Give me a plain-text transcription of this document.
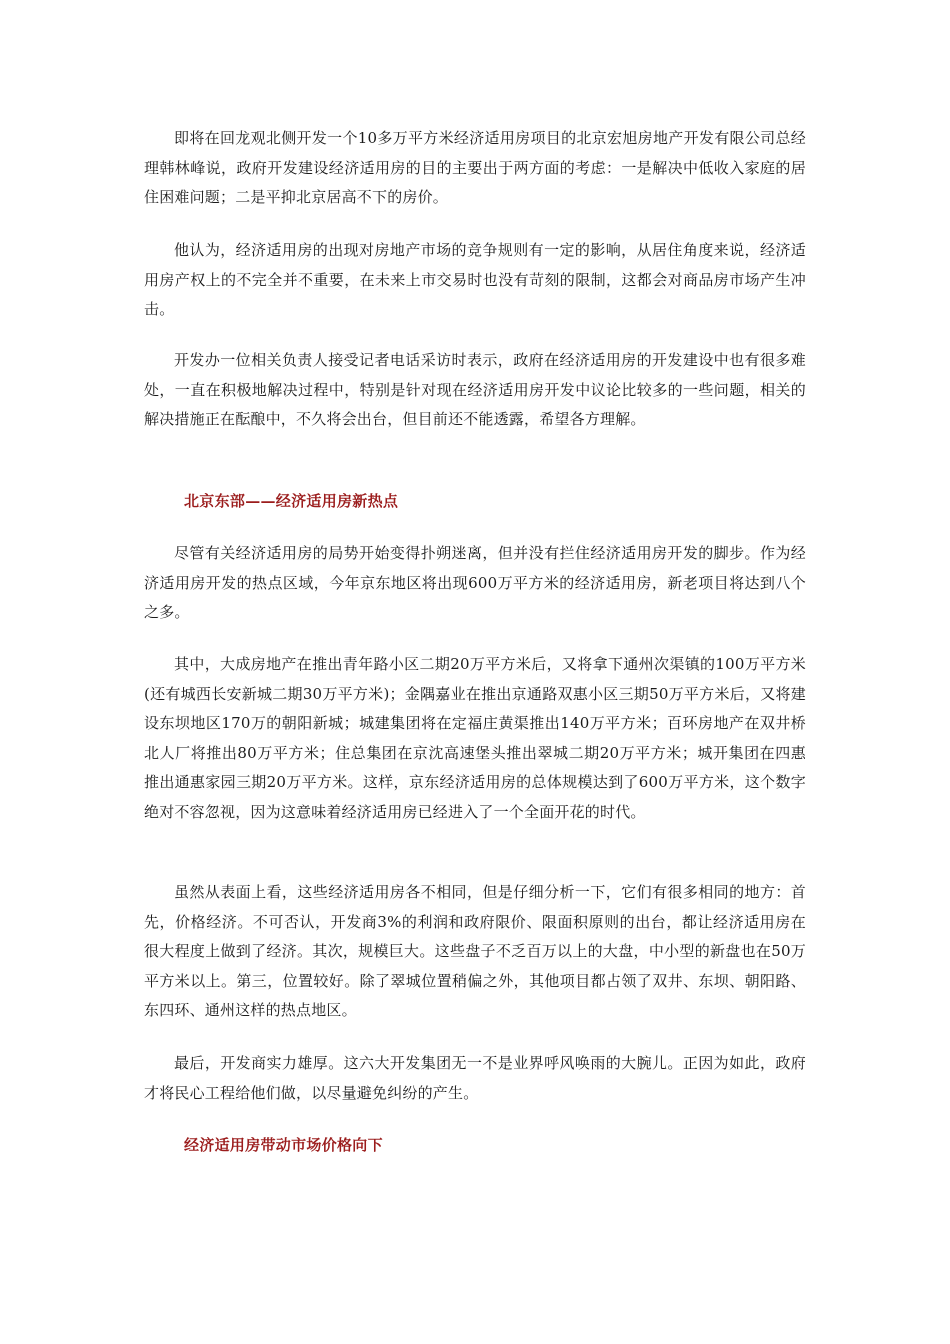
即将在回龙观北侧开发一个10多万平方米经济适用房项目的北京宏旭房地产开发有限公司总经理韩林峰说，政府开发建设经济适用房的目的主要出于两方面的考虑：一是解决中低收入家庭的居住困难问题；二是平抑北京居高不下的房价。

他认为，经济适用房的出现对房地产市场的竞争规则有一定的影响，从居住角度来说，经济适用房产权上的不完全并不重要，在未来上市交易时也没有苛刻的限制，这都会对商品房市场产生冲击。

开发办一位相关负责人接受记者电话采访时表示，政府在经济适用房的开发建设中也有很多难处，一直在积极地解决过程中，特别是针对现在经济适用房开发中议论比较多的一些问题，相关的解决措施正在酝酿中，不久将会出台，但目前还不能透露，希望各方理解。

北京东部——经济适用房新热点

尽管有关经济适用房的局势开始变得扑朔迷离，但并没有拦住经济适用房开发的脚步。作为经济适用房开发的热点区域，今年京东地区将出现600万平方米的经济适用房，新老项目将达到八个之多。

其中，大成房地产在推出青年路小区二期20万平方米后，又将拿下通州次渠镇的100万平方米(还有城西长安新城二期30万平方米)；金隅嘉业在推出京通路双惠小区三期50万平方米后，又将建设东坝地区170万的朝阳新城；城建集团将在定福庄黄渠推出140万平方米；百环房地产在双井桥北人厂将推出80万平方米；住总集团在京沈高速堡头推出翠城二期20万平方米；城开集团在四惠推出通惠家园三期20万平方米。这样，京东经济适用房的总体规模达到了600万平方米，这个数字绝对不容忽视，因为这意味着经济适用房已经进入了一个全面开花的时代。

虽然从表面上看，这些经济适用房各不相同，但是仔细分析一下，它们有很多相同的地方：首先，价格经济。不可否认，开发商3%的利润和政府限价、限面积原则的出台，都让经济适用房在很大程度上做到了经济。其次，规模巨大。这些盘子不乏百万以上的大盘，中小型的新盘也在50万平方米以上。第三，位置较好。除了翠城位置稍偏之外，其他项目都占领了双井、东坝、朝阳路、东四环、通州这样的热点地区。

最后，开发商实力雄厚。这六大开发集团无一不是业界呼风唤雨的大腕儿。正因为如此，政府才将民心工程给他们做，以尽量避免纠纷的产生。

经济适用房带动市场价格向下
